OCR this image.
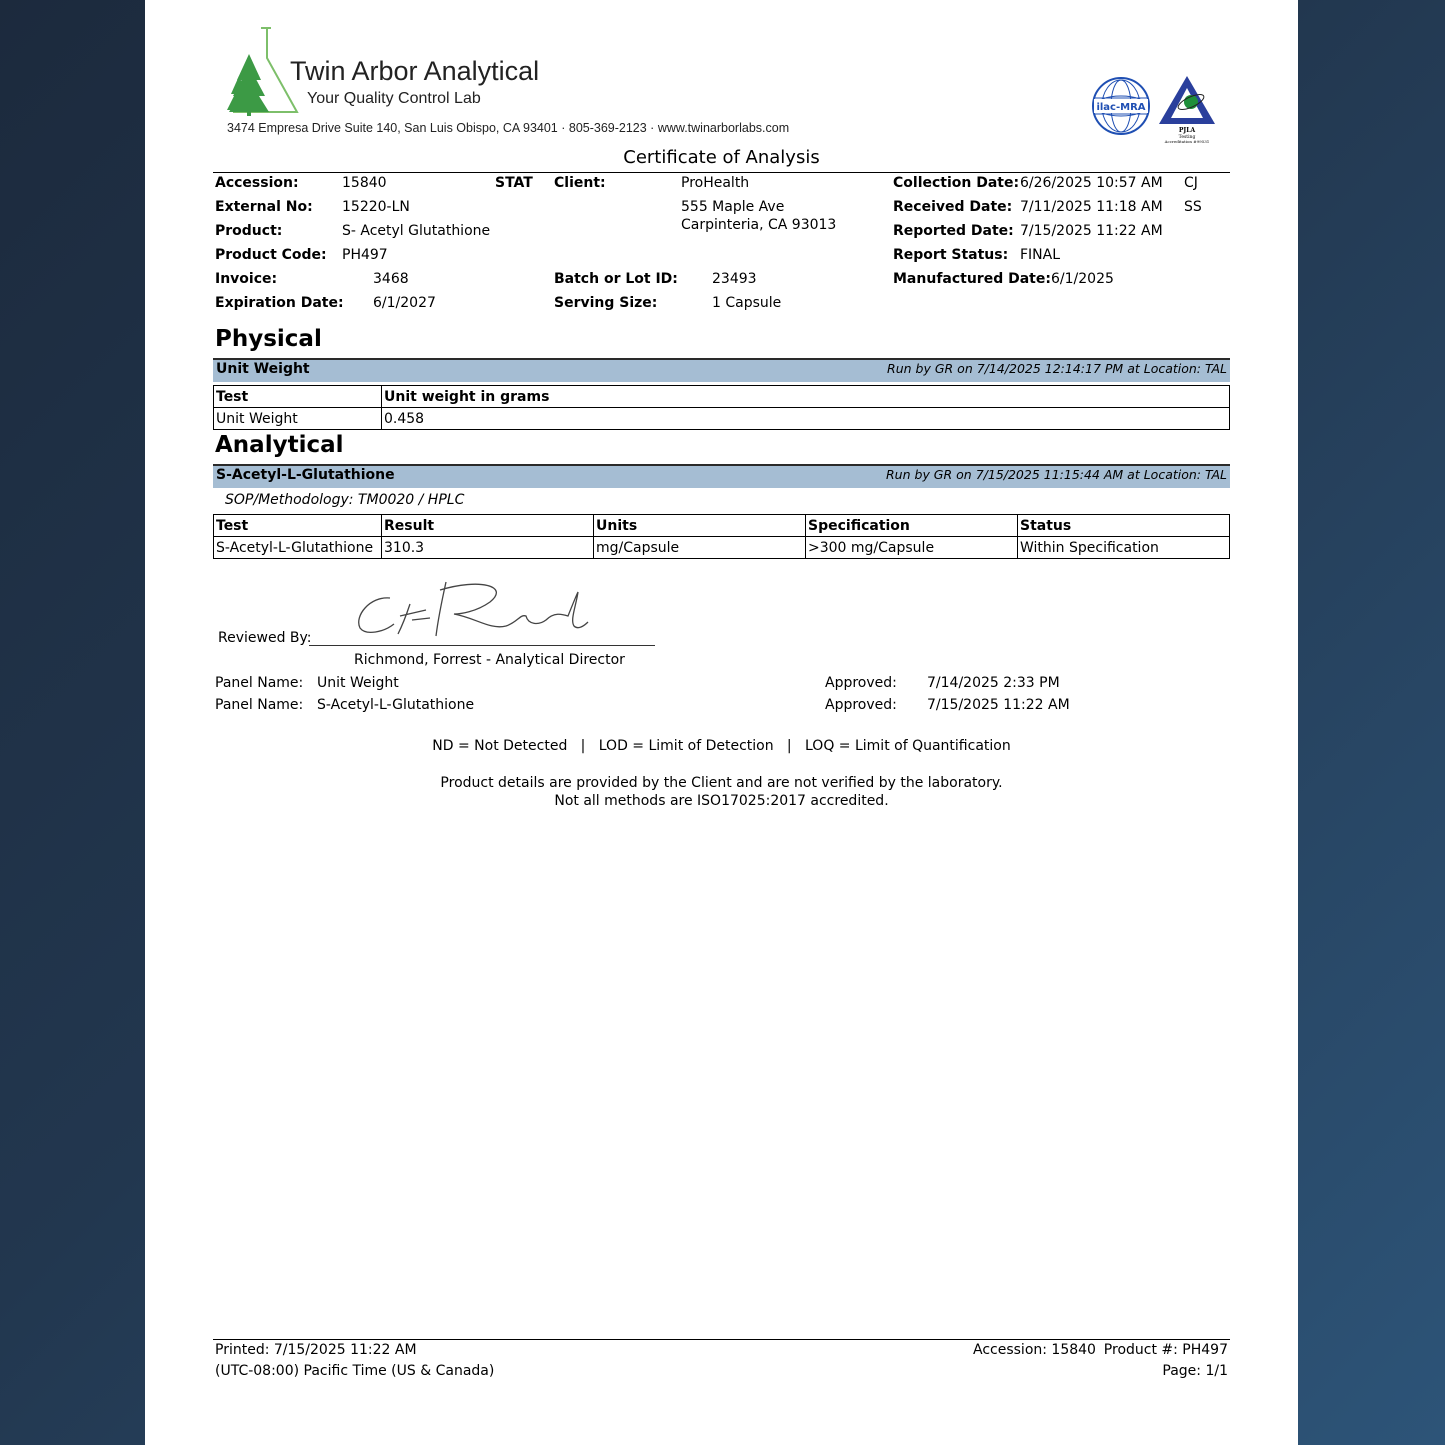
Twin Arbor Analytical
Your Quality Control Lab
3474 Empresa Drive Suite 140, San Luis Obispo, CA 93401 · 805-369-2123 · www.twinarborlabs.com
ilac-MRA
PJLA
Testing
Accreditation #99531
Certificate of Analysis
Accession:	15840	STAT
External No: 15220-LN
Product:	S- Acetyl Glutathione
Product Code: PH497
Invoice:	3468
Expiration Date: 6/1/2027
Client:	ProHealth
555 Maple Ave
Carpinteria, CA 93013
Batch or Lot ID: 23493
Serving Size:	1 Capsule
Collection Date: 6/26/2025 10:57 AM CJ
Received Date: 7/11/2025 11:18 AM SS
Reported Date: 7/15/2025 11:22 AM
Report Status: FINAL
Manufactured Date: 6/1/2025
Physical
Unit Weight	Run by GR on 7/14/2025 12:14:17 PM at Location: TAL
Test	Unit weight in grams
Unit Weight	0.458
Analytical
S-Acetyl-L-Glutathione	Run by GR on 7/15/2025 11:15:44 AM at Location: TAL
SOP/Methodology: TM0020 / HPLC
Test	Result	Units	Specification	Status
S-Acetyl-L-Glutathione	310.3	mg/Capsule	>300 mg/Capsule	Within Specification
Reviewed By:
Richmond, Forrest - Analytical Director
Panel Name: Unit Weight	Approved: 7/14/2025 2:33 PM
Panel Name: S-Acetyl-L-Glutathione	Approved: 7/15/2025 11:22 AM
ND = Not Detected   |   LOD = Limit of Detection   |   LOQ = Limit of Quantification
Product details are provided by the Client and are not verified by the laboratory.
Not all methods are ISO17025:2017 accredited.
Printed: 7/15/2025 11:22 AM
(UTC-08:00) Pacific Time (US & Canada)
Accession: 15840 Product #: PH497
Page: 1/1
